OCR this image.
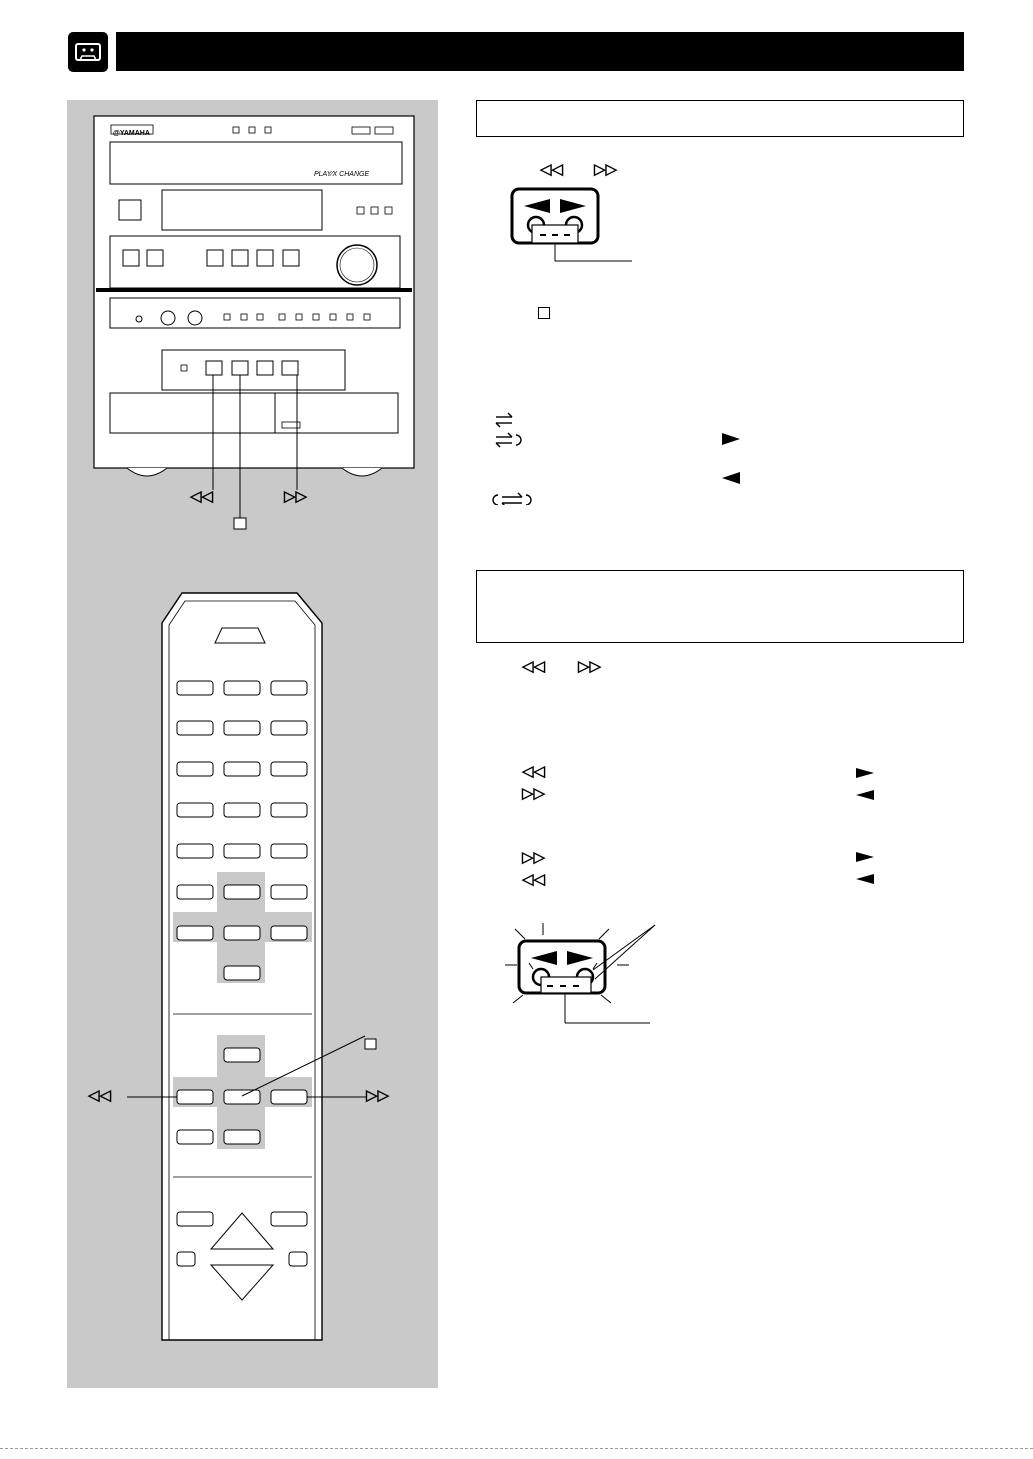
◁◁	▷▷
@YAMAHA
PLAY⁄X CHANGE
◁◁	▷▷
◁◁ ▷▷
◁◁ ▷▷
◁◁
▷▷
▷▷
◁◁
